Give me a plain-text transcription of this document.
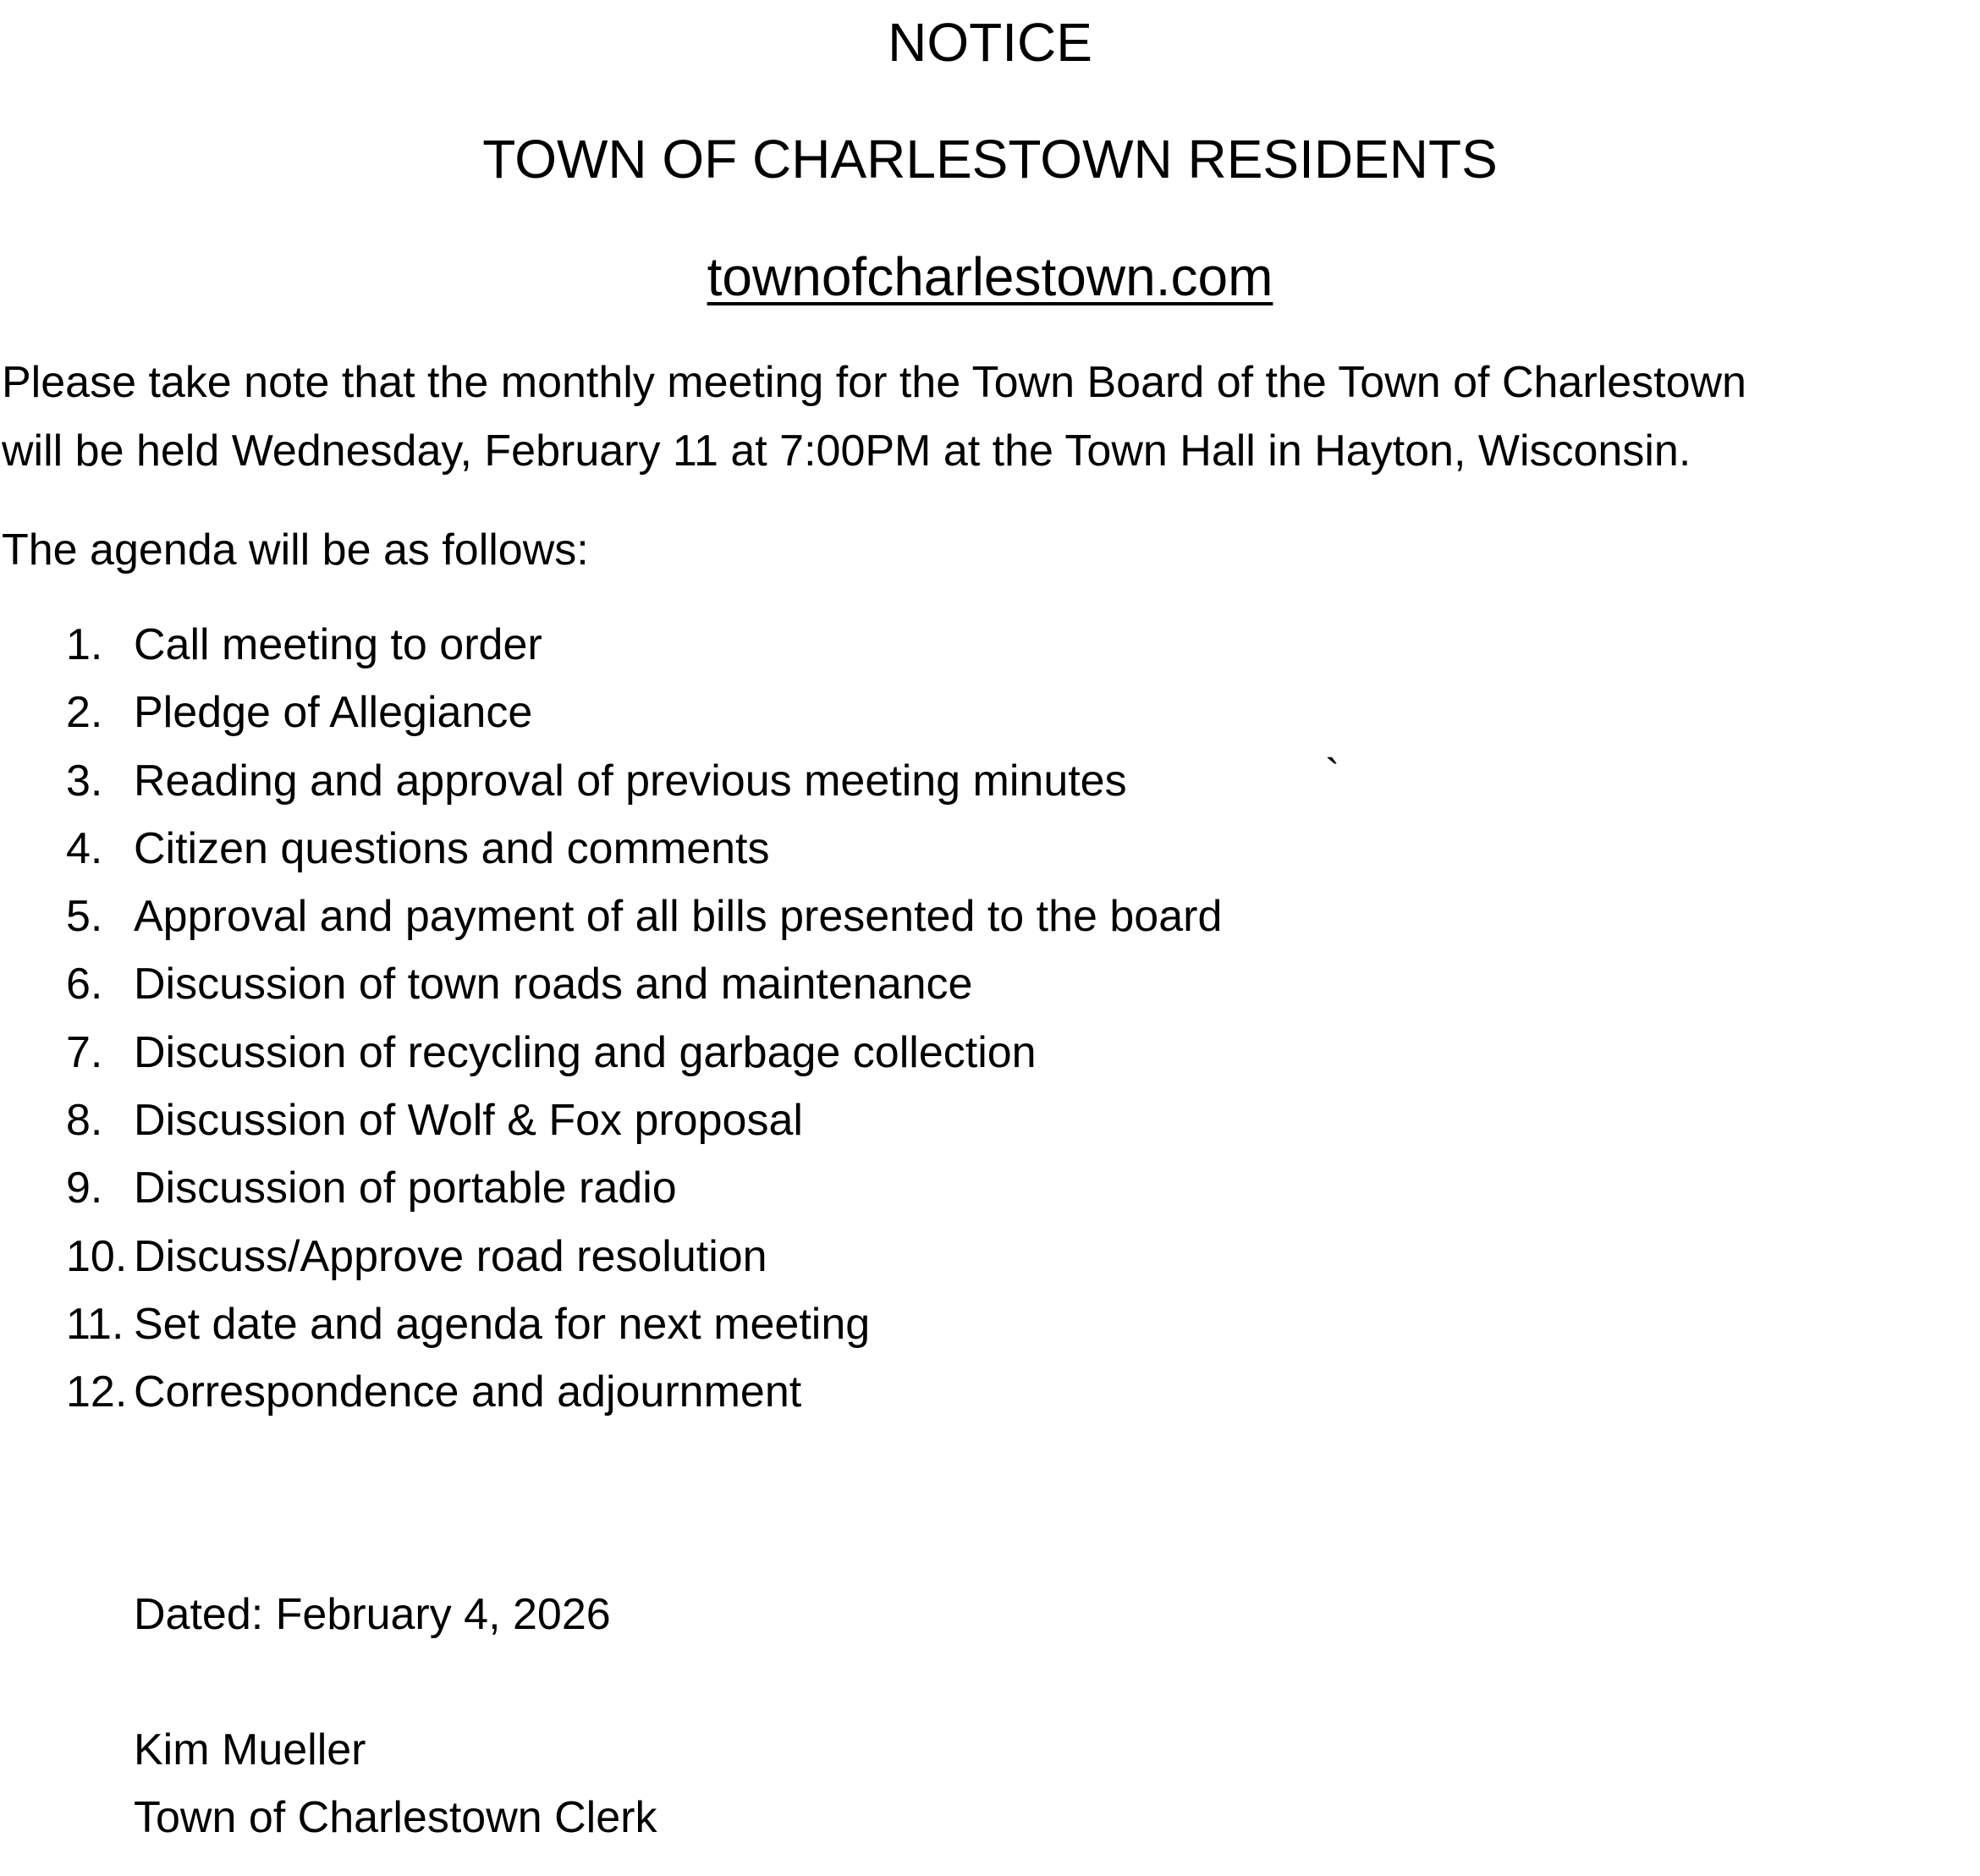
NOTICE
TOWN OF CHARLESTOWN RESIDENTS
townofcharlestown.com
Please take note that the monthly meeting for the Town Board of the Town of Charlestown
will be held Wednesday, February 11 at 7:00PM at the Town Hall in Hayton, Wisconsin.
The agenda will be as follows:
1. Call meeting to order
2. Pledge of Allegiance
3. Reading and approval of previous meeting minutes
4. Citizen questions and comments
5. Approval and payment of all bills presented to the board
6. Discussion of town roads and maintenance
7. Discussion of recycling and garbage collection
8. Discussion of Wolf & Fox proposal
9. Discussion of portable radio
10. Discuss/Approve road resolution
11. Set date and agenda for next meeting
12. Correspondence and adjournment
`
Dated: February 4, 2026
Kim Mueller
Town of Charlestown Clerk
